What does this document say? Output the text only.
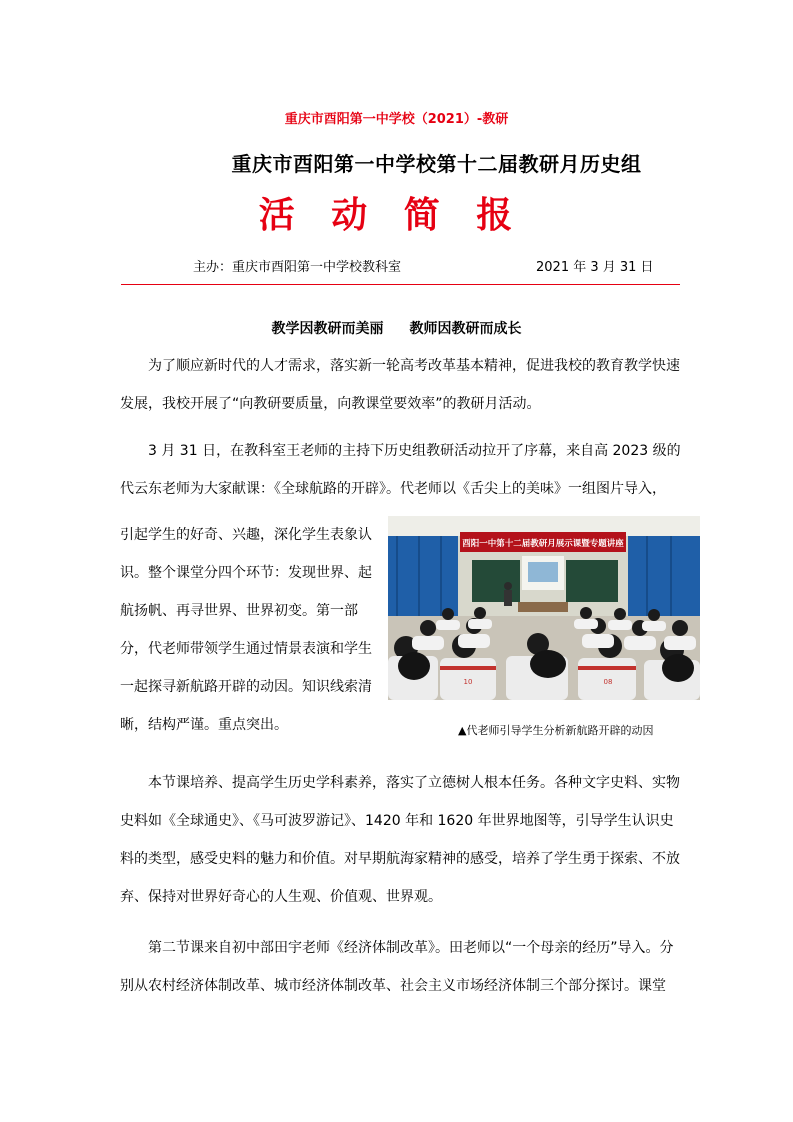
重庆市酉阳第一中学校（2021）-教研
重庆市酉阳第一中学校第十二届教研月历史组
活 动 简 报
主办：重庆市酉阳第一中学校教科室	2021 年 3 月 31 日
教学因教研而美丽 教师因教研而成长

为了顺应新时代的人才需求，落实新一轮高考改革基本精神，促进我校的教育教学快速发展，我校开展了“向教研要质量，向教课堂要效率”的教研月活动。

3 月 31 日，在教科室王老师的主持下历史组教研活动拉开了序幕，来自高 2023 级的代云东老师为大家献课：《全球航路的开辟》。代老师以《舌尖上的美味》一组图片导入，

引起学生的好奇、兴趣，深化学生表象认识。整个课堂分四个环节：发现世界、起航扬帆、再寻世界、世界初变。第一部分，代老师带领学生通过情景表演和学生一起探寻新航路开辟的动因。知识线索清晰，结构严谨。重点突出。

酉阳一中第十二届教研月展示课暨专题讲座
10	08
▲代老师引导学生分析新航路开辟的动因

本节课培养、提高学生历史学科素养，落实了立德树人根本任务。各种文字史料、实物史料如《全球通史》、《马可波罗游记》、1420 年和 1620 年世界地图等，引导学生认识史料的类型，感受史料的魅力和价值。对早期航海家精神的感受，培养了学生勇于探索、不放弃、保持对世界好奇心的人生观、价值观、世界观。

第二节课来自初中部田宇老师《经济体制改革》。田老师以“一个母亲的经历”导入。分别从农村经济体制改革、城市经济体制改革、社会主义市场经济体制三个部分探讨。课堂
